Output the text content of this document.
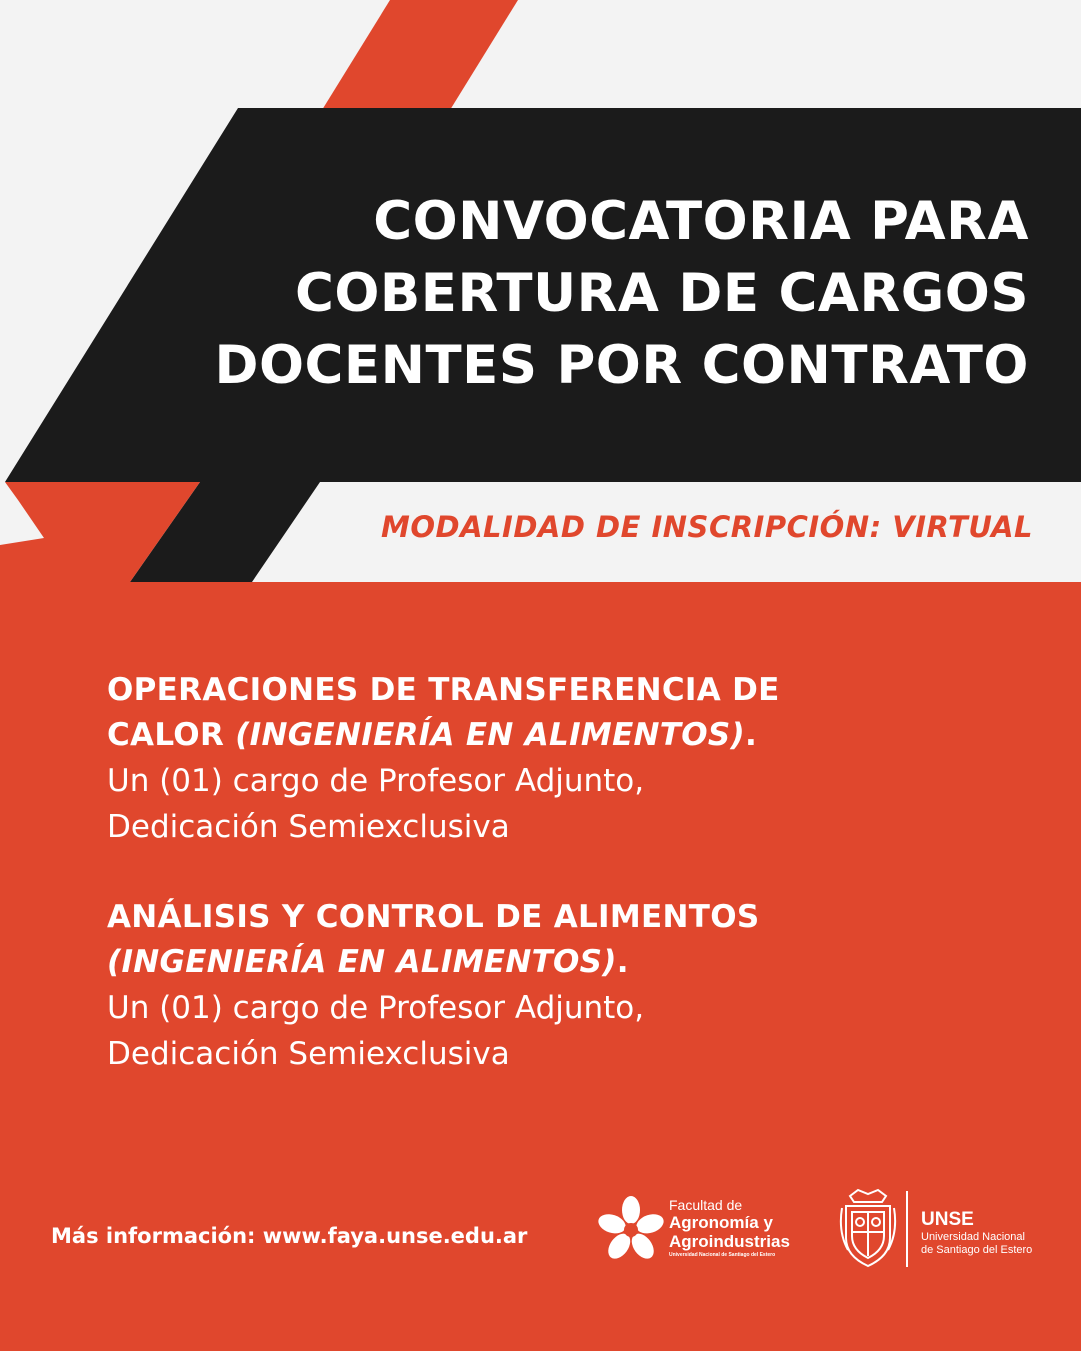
CONVOCATORIA PARA
COBERTURA DE CARGOS
DOCENTES POR CONTRATO
MODALIDAD DE INSCRIPCIÓN: VIRTUAL
OPERACIONES DE TRANSFERENCIA DE
CALOR (INGENIERÍA EN ALIMENTOS).
Un (01) cargo de Profesor Adjunto,
Dedicación Semiexclusiva
ANÁLISIS Y CONTROL DE ALIMENTOS
(INGENIERÍA EN ALIMENTOS).
Un (01) cargo de Profesor Adjunto,
Dedicación Semiexclusiva
Más información: www.faya.unse.edu.ar
Facultad de
Agronomía y
Agroindustrias
Universidad Nacional de Santiago del Estero
UNSE
Universidad Nacional
de Santiago del Estero
